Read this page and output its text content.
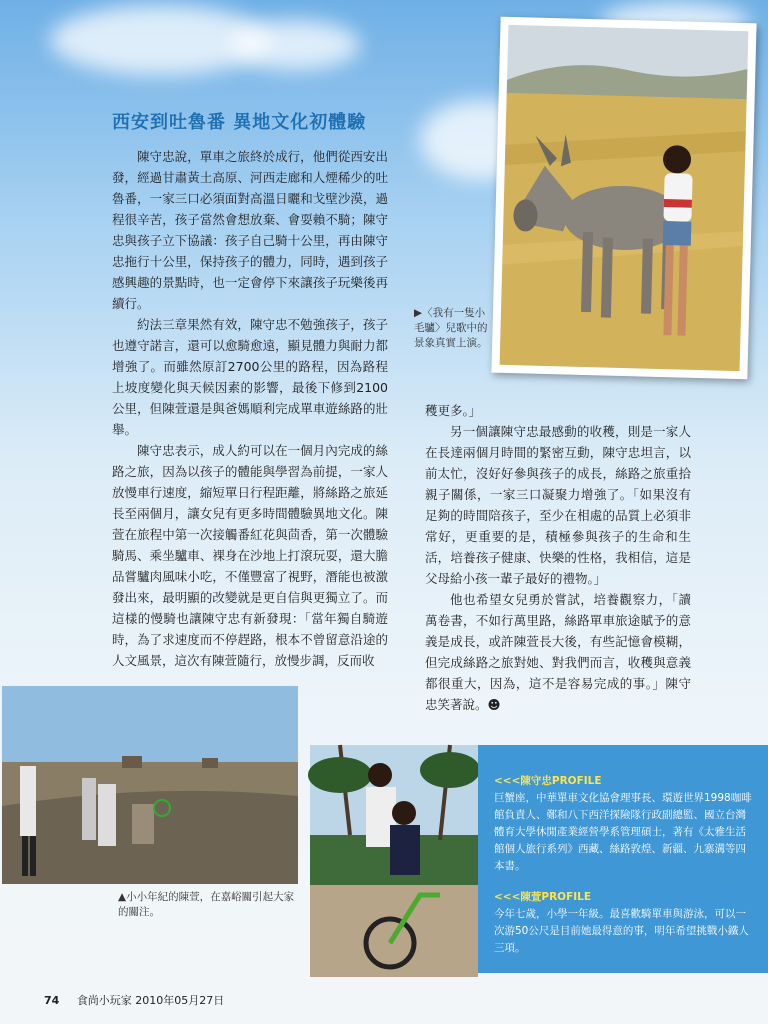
西安到吐魯番 異地文化初體驗

陳守忠說，單車之旅終於成行，他們從西安出發，經過甘肅黃土高原、河西走廊和人煙稀少的吐魯番，一家三口必須面對高溫日曬和戈壁沙漠，過程很辛苦，孩子當然會想放棄、會耍賴不騎；陳守忠與孩子立下協議：孩子自己騎十公里，再由陳守忠拖行十公里，保持孩子的體力，同時，遇到孩子感興趣的景點時，也一定會停下來讓孩子玩樂後再續行。

約法三章果然有效，陳守忠不勉強孩子，孩子也遵守諾言，還可以愈騎愈遠，顯見體力與耐力都增強了。而雖然原訂2700公里的路程，因為路程上坡度變化與天候因素的影響，最後下修到2100公里，但陳萱還是與爸媽順利完成單車遊絲路的壯舉。

陳守忠表示，成人約可以在一個月內完成的絲路之旅，因為以孩子的體能與學習為前提，一家人放慢車行速度，縮短單日行程距離，將絲路之旅延長至兩個月，讓女兒有更多時間體驗異地文化。陳萱在旅程中第一次接觸番紅花與茴香，第一次體驗騎馬、乘坐驢車、裸身在沙地上打滾玩耍，還大膽品嘗驢肉風味小吃，不僅豐富了視野，潛能也被激發出來，最明顯的改變就是更自信與更獨立了。而這樣的慢騎也讓陳守忠有新發現：「當年獨自騎遊時，為了求速度而不停趕路，根本不曾留意沿途的人文風景，這次有陳萱隨行，放慢步調，反而收

穫更多。」

另一個讓陳守忠最感動的收穫，則是一家人在長達兩個月時間的緊密互動，陳守忠坦言，以前太忙，沒好好參與孩子的成長，絲路之旅重拾親子關係，一家三口凝聚力增強了。「如果沒有足夠的時間陪孩子，至少在相處的品質上必須非常好，更重要的是，積極參與孩子的生命和生活，培養孩子健康、快樂的性格，我相信，這是父母給小孩一輩子最好的禮物。」

他也希望女兒勇於嘗試，培養觀察力，「讀萬卷書，不如行萬里路，絲路單車旅途賦予的意義是成長，或許陳萱長大後，有些記憶會模糊，但完成絲路之旅對她、對我們而言，收穫與意義都很重大，因為，這不是容易完成的事。」陳守忠笑著說。☻

▶〈我有一隻小毛驢〉兒歌中的景象真實上演。
▲小小年紀的陳萱，在嘉峪關引起大家的關注。
<<<陳守忠PROFILE
巨蟹座，中華單車文化協會理事長、環遊世界1998咖啡館負責人、鄭和八下西洋探險隊行政副總監、國立台灣體育大學休閒產業經營學系管理碩士，著有《太雅生活館個人旅行系列》西藏、絲路敦煌、新疆、九寨溝等四本書。
<<<陳萱PROFILE
今年七歲，小學一年級。最喜歡騎單車與游泳，可以一次游50公尺是目前她最得意的事，明年希望挑戰小鐵人三項。
74 食尚小玩家 2010年05月27日
